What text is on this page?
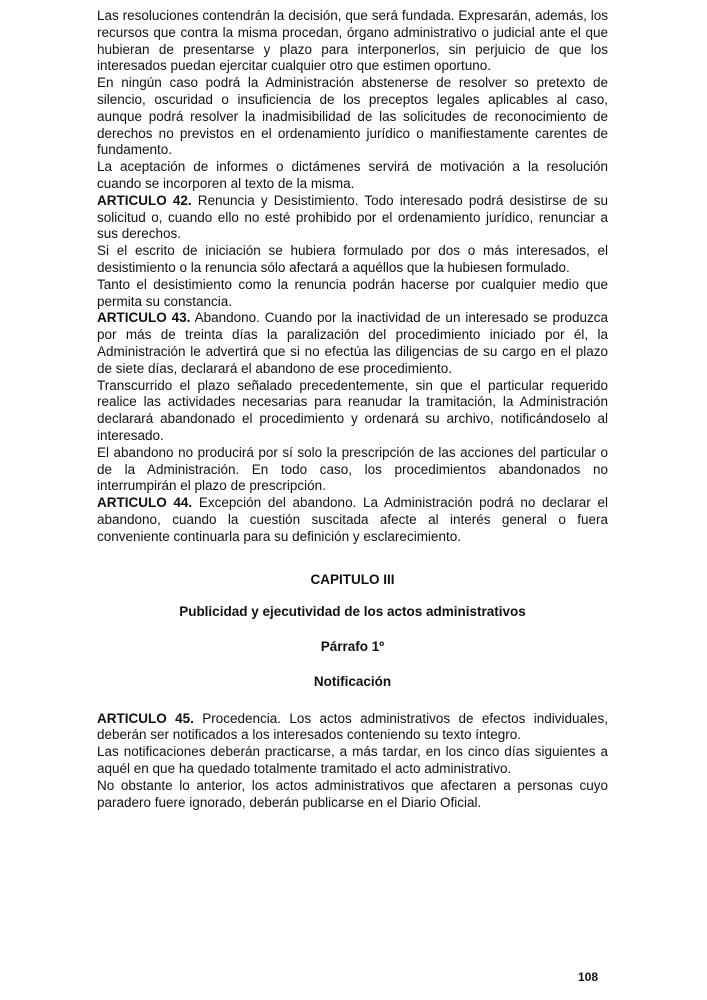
Las resoluciones contendrán la decisión, que será fundada. Expresarán, además, los recursos que contra la misma procedan, órgano administrativo o judicial ante el que hubieran de presentarse y plazo para interponerlos, sin perjuicio de que los interesados puedan ejercitar cualquier otro que estimen oportuno.

En ningún caso podrá la Administración abstenerse de resolver so pretexto de silencio, oscuridad o insuficiencia de los preceptos legales aplicables al caso, aunque podrá resolver la inadmisibilidad de las solicitudes de reconocimiento de derechos no previstos en el ordenamiento jurídico o manifiestamente carentes de fundamento.

La aceptación de informes o dictámenes servirá de motivación a la resolución cuando se incorporen al texto de la misma.

ARTICULO 42. Renuncia y Desistimiento. Todo interesado podrá desistirse de su solicitud o, cuando ello no esté prohibido por el ordenamiento jurídico, renunciar a sus derechos.

Si el escrito de iniciación se hubiera formulado por dos o más interesados, el desistimiento o la renuncia sólo afectará a aquéllos que la hubiesen formulado.

Tanto el desistimiento como la renuncia podrán hacerse por cualquier medio que permita su constancia.

ARTICULO 43. Abandono. Cuando por la inactividad de un interesado se produzca por más de treinta días la paralización del procedimiento iniciado por él, la Administración le advertirá que si no efectúa las diligencias de su cargo en el plazo de siete días, declarará el abandono de ese procedimiento.

Transcurrido el plazo señalado precedentemente, sin que el particular requerido realice las actividades necesarias para reanudar la tramitación, la Administración declarará abandonado el procedimiento y ordenará su archivo, notificándoselo al interesado.

El abandono no producirá por sí solo la prescripción de las acciones del particular o de la Administración. En todo caso, los procedimientos abandonados no interrumpirán el plazo de prescripción.

ARTICULO 44. Excepción del abandono. La Administración podrá no declarar el abandono, cuando la cuestión suscitada afecte al interés general o fuera conveniente continuarla para su definición y esclarecimiento.

CAPITULO III
Publicidad y ejecutividad de los actos administrativos
Párrafo 1º
Notificación

ARTICULO 45. Procedencia. Los actos administrativos de efectos individuales, deberán ser notificados a los interesados conteniendo su texto íntegro.

Las notificaciones deberán practicarse, a más tardar, en los cinco días siguientes a aquél en que ha quedado totalmente tramitado el acto administrativo.

No obstante lo anterior, los actos administrativos que afectaren a personas cuyo paradero fuere ignorado, deberán publicarse en el Diario Oficial.

108
